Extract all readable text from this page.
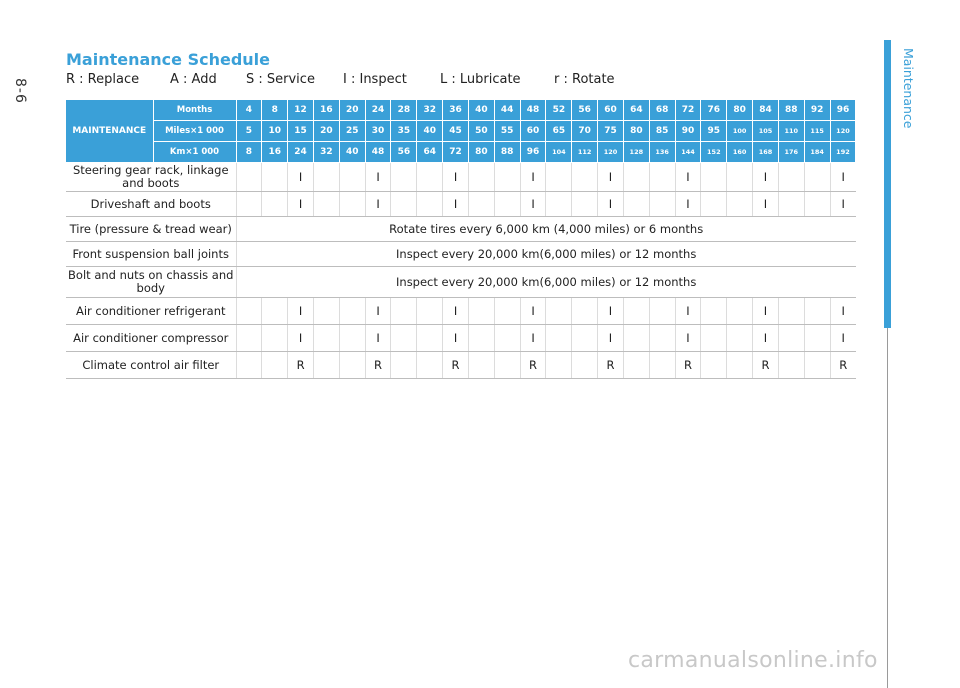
8-6	Maintenance
Maintenance Schedule
R : Replace A : Add S : Service I : Inspect	L : Lubricate	r : Rotate
MAINTENANCE	Months	4	8	12	16	20	24	28	32	36	40	44	48	52	56	60	64	68	72	76	80	84	88	92	96
	Miles×1 000	5	10	15	20	25	30	35	40	45	50	55	60	65	70	75	80	85	90	95	100	105	110	115	120
	Km×1 000	8	16	24	32	40	48	56	64	72	80	88	96	104	112	120	128	136	144	152	160	168	176	184	192
Steering gear rack, linkage and boots				I			I			I			I			I			I			I			I
Driveshaft and boots				I			I			I			I			I			I			I			I
Tire (pressure & tread wear)		Rotate tires every 6,000 km (4,000 miles) or 6 months																							
Front suspension ball joints		Inspect every 20,000 km(6,000 miles) or 12 months																							
Bolt and nuts on chassis and body		Inspect every 20,000 km(6,000 miles) or 12 months																							
Air conditioner refrigerant				I			I			I			I			I			I			I			I
Air conditioner compressor				I			I			I			I			I			I			I			I
Climate control air filter				R			R			R			R			R			R			R			R
carmanualsonline.info
